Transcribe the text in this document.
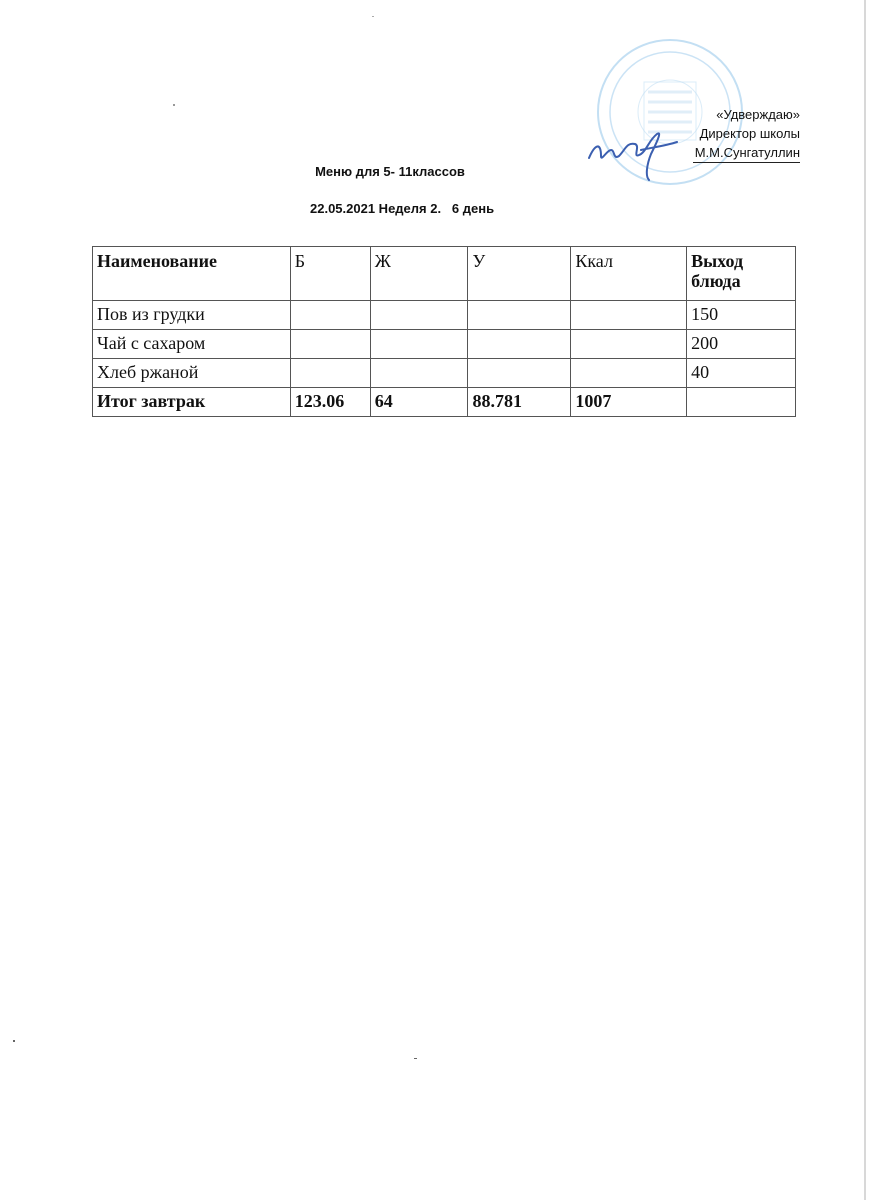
«Удверждаю»
Директор школы
М.М.Сунгатуллин
Меню для 5- 11классов
22.05.2021 Неделя 2.   6 день
Наименование	Б	Ж	У	Ккал	Выход блюда
Пов из грудки					150
Чай с сахаром					200
Хлеб ржаной					40
Итог завтрак	123.06	64	88.781	1007	
